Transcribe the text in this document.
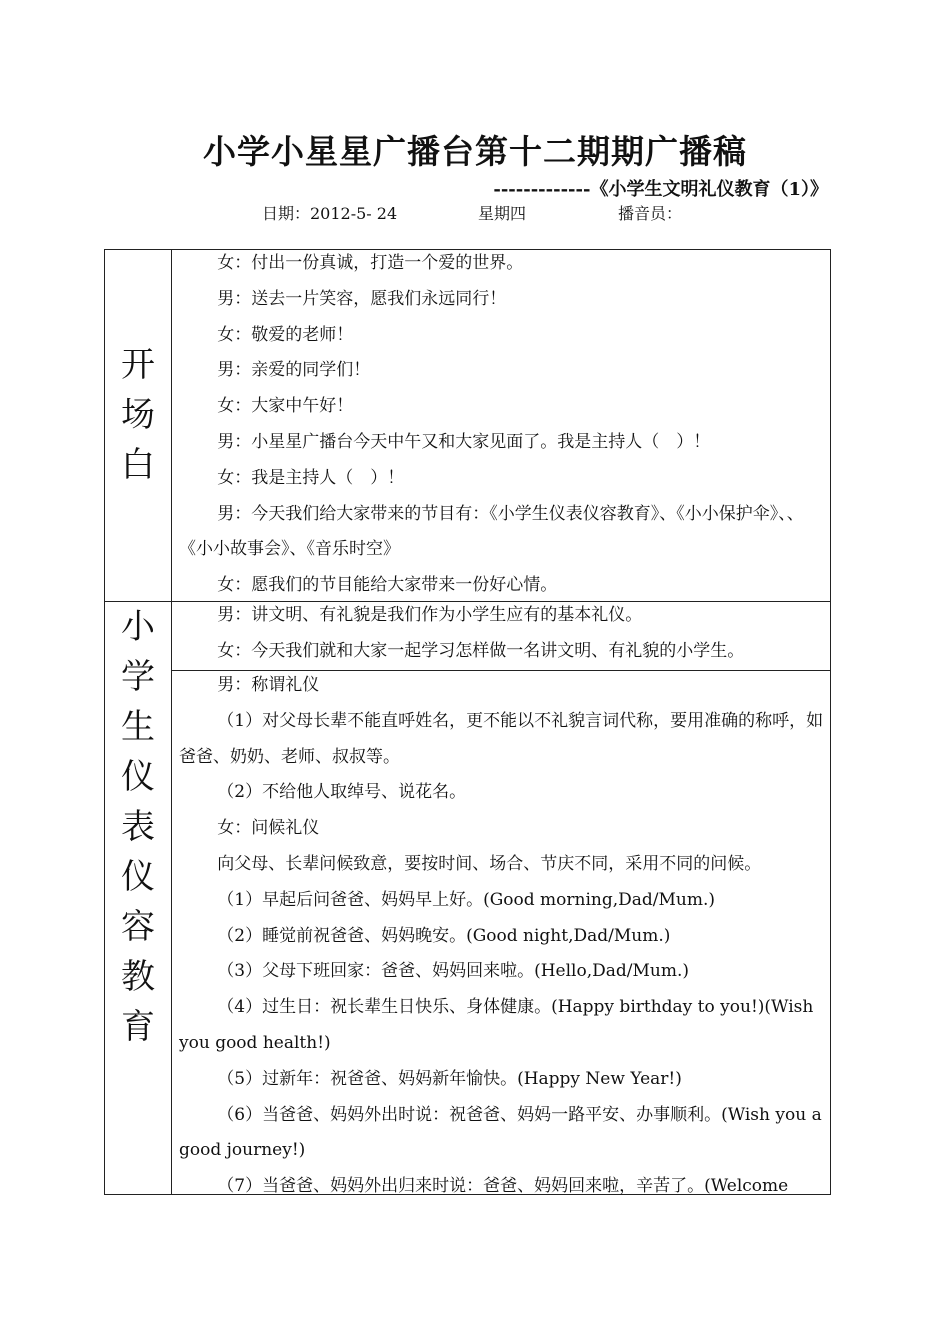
小学小星星广播台第十二期期广播稿
-------------《小学生文明礼仪教育（1）》
日期：2012-5- 24	星期四	播音员：
开
场
白

女：付出一份真诚，打造一个爱的世界。

男：送去一片笑容，愿我们永远同行！

女：敬爱的老师！

男：亲爱的同学们！

女：大家中午好！

男：小星星广播台今天中午又和大家见面了。我是主持人（　）！

女：我是主持人（　）！

男：今天我们给大家带来的节目有：《小学生仪表仪容教育》、《小小保护伞》、、《小小故事会》、《音乐时空》

女：愿我们的节目能给大家带来一份好心情。

小
学
生
仪
表
仪
容
教
育

男：讲文明、有礼貌是我们作为小学生应有的基本礼仪。

女：今天我们就和大家一起学习怎样做一名讲文明、有礼貌的小学生。

男：称谓礼仪

（1）对父母长辈不能直呼姓名，更不能以不礼貌言词代称，要用准确的称呼，如爸爸、奶奶、老师、叔叔等。

（2）不给他人取绰号、说花名。

女：问候礼仪

向父母、长辈问候致意，要按时间、场合、节庆不同，采用不同的问候。

（1）早起后问爸爸、妈妈早上好。(Good morning,Dad/Mum.)

（2）睡觉前祝爸爸、妈妈晚安。(Good night,Dad/Mum.)

（3）父母下班回家：爸爸、妈妈回来啦。(Hello,Dad/Mum.)

（4）过生日：祝长辈生日快乐、身体健康。(Happy birthday to you!)(Wish you good health!)

（5）过新年：祝爸爸、妈妈新年愉快。(Happy New Year!)

（6）当爸爸、妈妈外出时说：祝爸爸、妈妈一路平安、办事顺利。(Wish you a good journey!)

（7）当爸爸、妈妈外出归来时说：爸爸、妈妈回来啦，辛苦了。(Welcome
